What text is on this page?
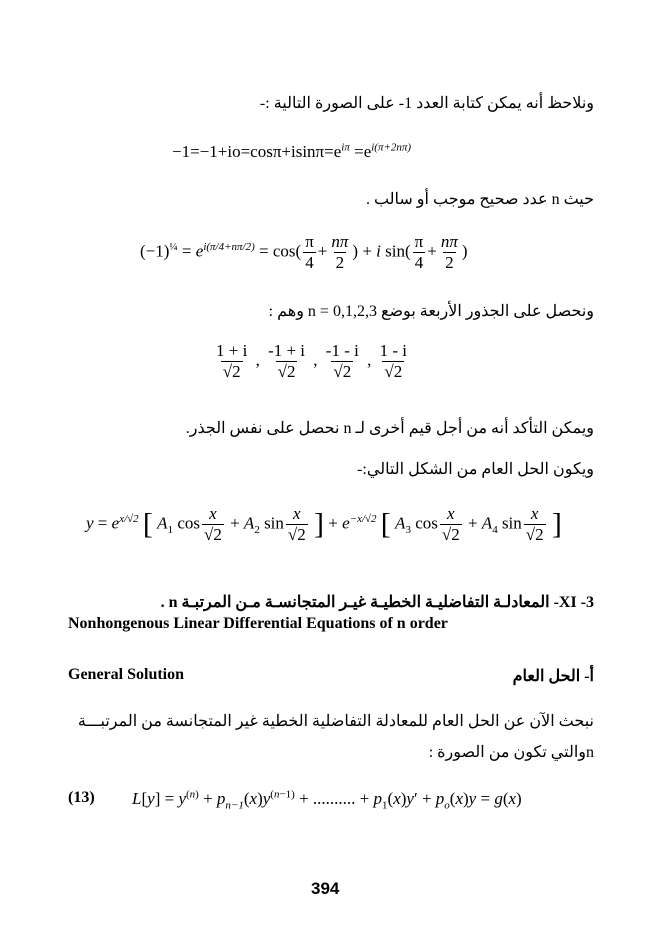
ونلاحظ أنه يمكن كتابة العدد 1- على الصورة التالية :-
$-1=-1+io=\cos\pi+isin\pi=e^{i\pi} =e^{i(\pi+2n\pi)}$
حيث n عدد صحيح موجب أو سالب .
$(-1)^{\frac{1}{4}} = e^{i(\pi/4+n\pi/2)} = \cos( \frac{\pi}{4} + \frac{n\pi}{2}$ ) + i $\sin( \frac{\pi}{4} + \frac{n\pi}{2}$ )
ونحصل على الجذور الأربعة بوضع n = 0,1,2,3 وهم :
$\frac{1 + i}{√2}$ , $\frac{-1 + i}{√2}$ , $\frac{-1 - i}{√2}$ , $\frac{1 - i}{√2}$
ويمكن التأكد أنه من أجل قيم أخرى لـ n نحصل على نفس الجذر.
ويكون الحل العام من الشكل التالي:-
$y = e^{x/√2}$ [ $A_1$ $\cos \frac{x}{√2} + A_2$ $\sin \frac{x}{√2}$ ] + $e^{-x/√2}$ [ $A_3$ $\cos \frac{x}{√2} + A_4$ $\sin \frac{x}{√2}$ ]
XI -3- المعادلـة التفاضليـة الخطيـة غيـر المتجانسـة مـن المرتبـة n .
Nonhongenous Linear Differential Equations of n order
General Solution	أ- الحل العام
نبحث الآن عن الحل العام للمعادلة التفاضلية الخطية غير المتجانسة من المرتبـــة
nوالتي تكون من الصورة :
(13) $L[y] = y^{(n)} + p_{n-1}(x)y^{(n-1)}$ + .......... + $p_1(x)y' + p_o(x)y = g(x)$
394
